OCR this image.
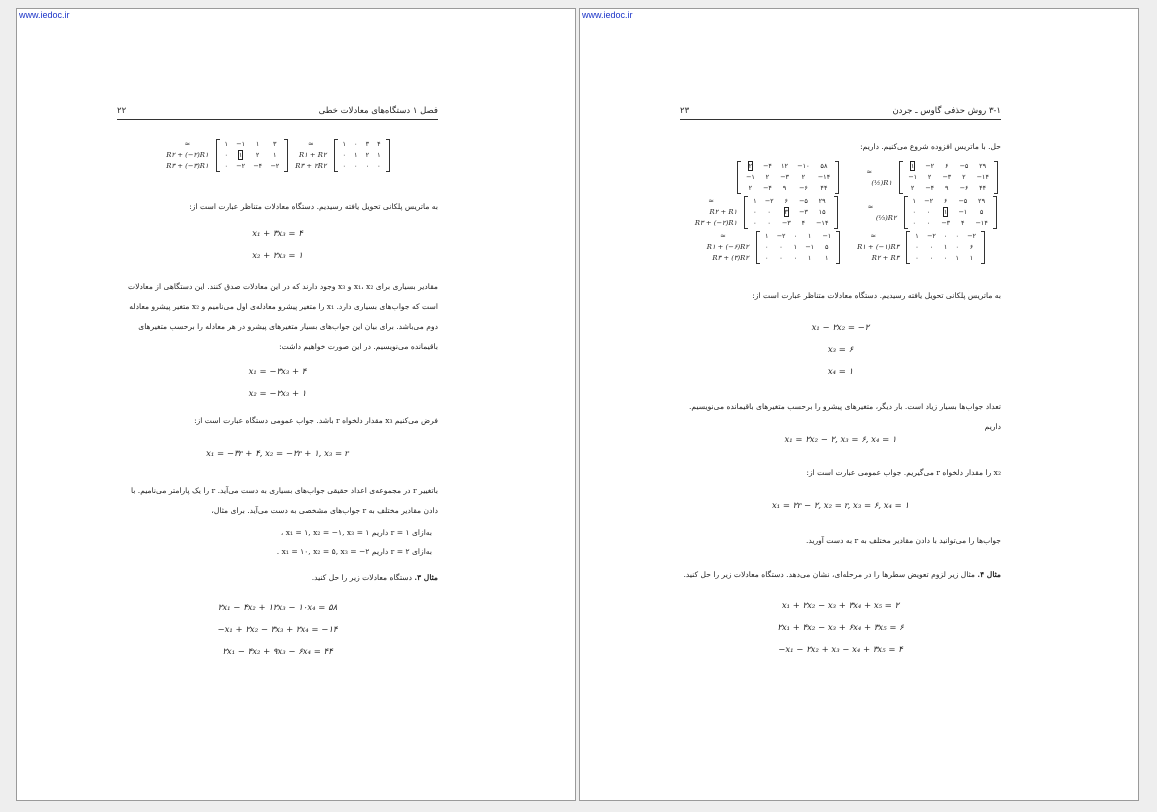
www.iedoc.ir
فصل ۱ دستگاه‌های معادلات خطی
۲۲
≈
R۲ + (−۲)R۱
R۳ + (−۳)R۱
۱	−۱	۱	۳
۰	۱	۲	۱
۰	−۲	−۴	−۲
≈
R۱ + R۲
R۳ + ۲R۲
۱	۰	۳	۴
۰	۱	۲	۱
۰	۰	۰	۰
به ماتریس پلکانی تحویل یافته رسیدیم. دستگاه معادلات متناظر عبارت است از:
x₁ + ۳x₃ = ۴
x₂ + ۲x₃ = ۱
مقادیر بسیاری برای x₁، x₂ و x₃ وجود دارند که در این معادلات صدق کنند. این دستگاهی از معادلات است که جواب‌های بسیاری دارد. x₁ را متغیر پیشرو معادله‌ی اول می‌نامیم و x₂ متغیر پیشرو معادله دوم می‌باشد. برای بیان این جواب‌های بسیار متغیرهای پیشرو در هر معادله را برحسب متغیرهای باقیمانده می‌نویسیم. در این صورت خواهیم داشت:
x₁ = −۳x₃ + ۴
x₂ = −۲x₃ + ۱
فرض می‌کنیم x₃ مقدار دلخواه r باشد. جواب عمومی دستگاه عبارت است از:
x₁ = −۳r + ۴, x₂ = −۲r + ۱, x₃ = r
باتغییر r در مجموعه‌ی اعداد حقیقی جواب‌های بسیاری به دست می‌آید. r را یک پارامتر می‌نامیم. با دادن مقادیر مختلف به r جواب‌های مشخصی به دست می‌آید. برای مثال،
به‌ازای r = ۱ داریم x₁ = ۱, x₂ = −۱, x₃ = ۱ ،
به‌ازای r = ۲ داریم x₁ = ۱۰, x₂ = ۵, x₃ = −۲ .
مثال ۳. دستگاه معادلات زیر را حل کنید.
۲x₁ − ۴x₂ + ۱۲x₃ − ۱۰x₄ = ۵۸
−x₁ + ۲x₂ − ۳x₃ + ۲x₄ = −۱۴
۲x₁ − ۴x₂ + ۹x₃ − ۶x₄ = ۴۴
www.iedoc.ir
۳-۱ روش حذفی گاوس ـ جردن
۲۳
حل. با ماتریس افزوده شروع می‌کنیم. داریم:
۲	−۴	۱۲	−۱۰	۵۸
−۱	۲	−۳	۲	−۱۴
۲	−۴	۹	−۶	۴۴
≈
(½)R۱
۱	−۲	۶	−۵	۲۹
−۱	۲	−۳	۲	−۱۴
۲	−۴	۹	−۶	۴۴
≈
R۲ + R۱
R۳ + (−۲)R۱
۱	−۲	۶	−۵	۲۹
۰	۰	۳	−۳	۱۵
۰	۰	−۳	۴	−۱۴
≈
(⅓)R۲
۱	−۲	۶	−۵	۲۹
۰	۰	۱	−۱	۵
۰	۰	−۳	۴	−۱۴
≈
R۱ + (−۶)R۲
R۳ + (۳)R۲
۱	−۲	۰	۱	−۱
۰	۰	۱	−۱	۵
۰	۰	۰	۱	۱
≈
R۱ + (−۱)R۳
R۲ + R۳
۱	−۲	۰	۰	−۲
۰	۰	۱	۰	۶
۰	۰	۰	۱	۱
به ماتریس پلکانی تحویل یافته رسیدیم. دستگاه معادلات متناظر عبارت است از:
x₁ − ۲x₂ = −۲
x₃ = ۶
x₄ = ۱
تعداد جواب‌ها بسیار زیاد است. بار دیگر، متغیرهای پیشرو را برحسب متغیرهای باقیمانده می‌نویسیم. داریم
x₁ = ۲x₂ − ۲, x₃ = ۶, x₄ = ۱
x₂ را مقدار دلخواه r می‌گیریم. جواب عمومی عبارت است از:
x₁ = ۲r − ۲, x₂ = r, x₃ = ۶, x₄ = ۱
جواب‌ها را می‌توانید با دادن مقادیر مختلف به r به دست آورید.
مثال ۴. مثال زیر لزوم تعویض سطرها را در مرحله‌ای، نشان می‌دهد. دستگاه معادلات زیر را حل کنید.
x₁ + ۲x₂ − x₃ + ۳x₄ + x₅ = ۲
۲x₁ + ۴x₂ − x₃ + ۶x₄ + ۳x₅ = ۶
−x₁ − ۲x₂ + x₃ − x₄ + ۳x₅ = ۴
